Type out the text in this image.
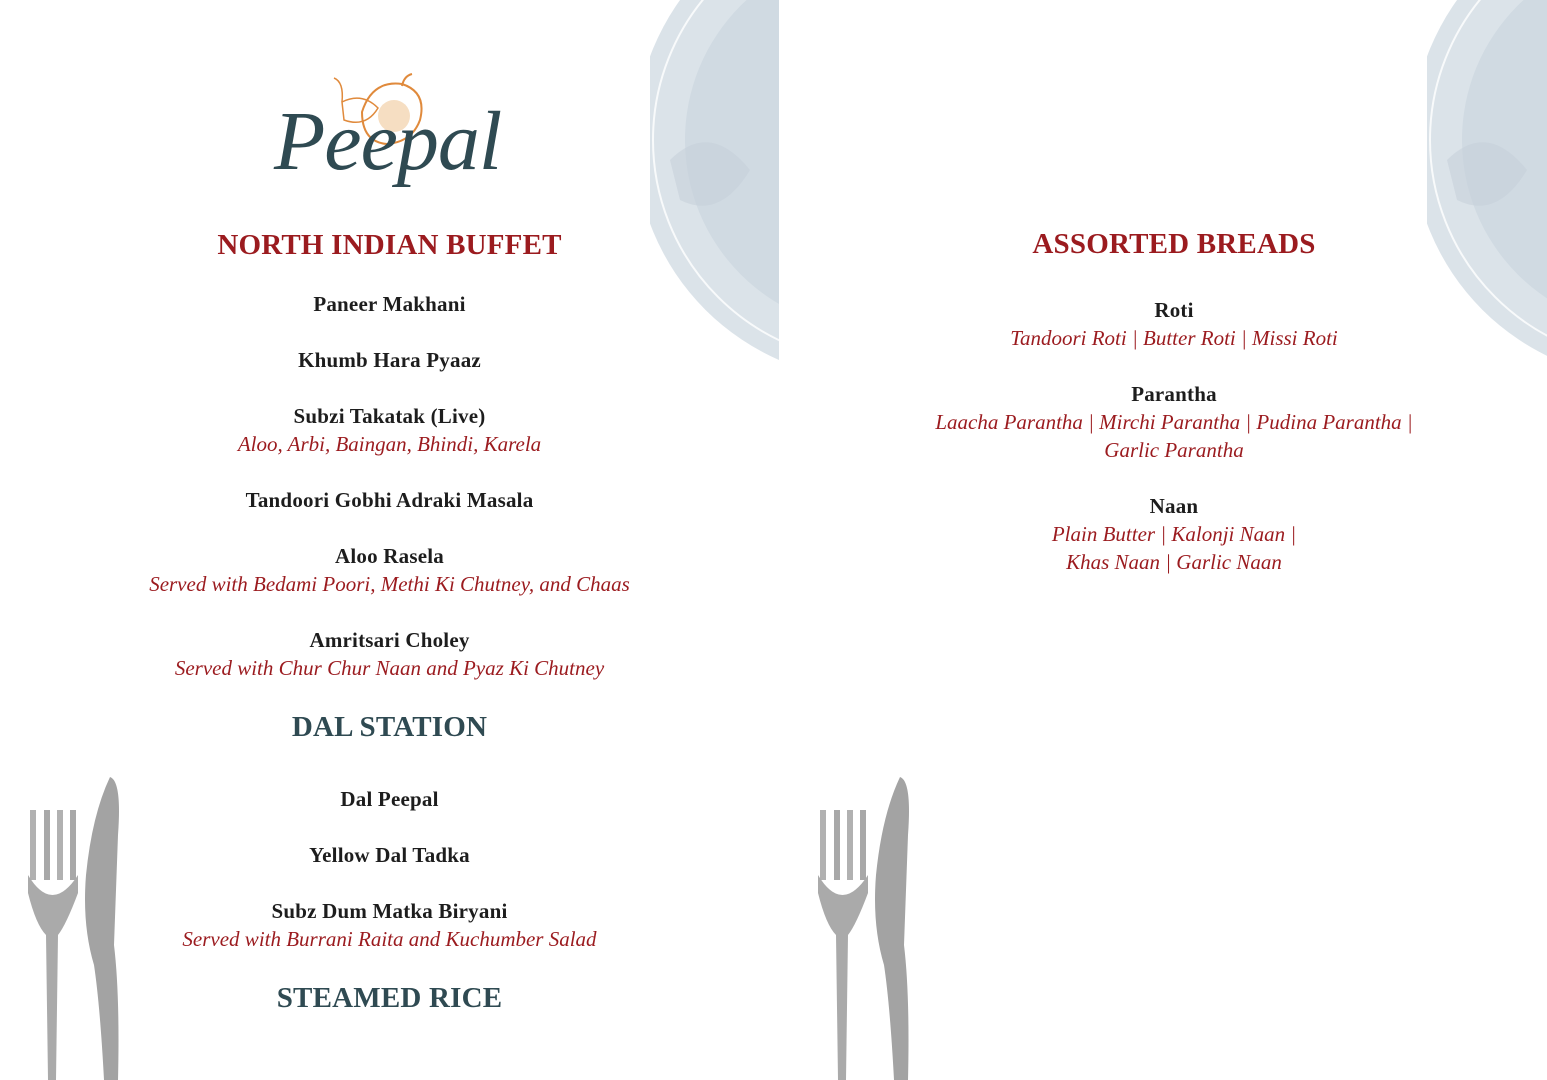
Peepal
NORTH INDIAN BUFFET
Paneer Makhani
Khumb Hara Pyaaz
Subzi Takatak (Live)
Aloo, Arbi, Baingan, Bhindi, Karela
Tandoori Gobhi Adraki Masala
Aloo Rasela
Served with Bedami Poori, Methi Ki Chutney, and Chaas
Amritsari Choley
Served with Chur Chur Naan and Pyaz Ki Chutney
DAL STATION
Dal Peepal
Yellow Dal Tadka
Subz Dum Matka Biryani
Served with Burrani Raita and Kuchumber Salad
STEAMED RICE
ASSORTED BREADS
Roti
Tandoori Roti | Butter Roti | Missi Roti
Parantha
Laacha Parantha | Mirchi Parantha | Pudina Parantha |
Garlic Parantha
Naan
Plain Butter | Kalonji Naan |
Khas Naan | Garlic Naan
